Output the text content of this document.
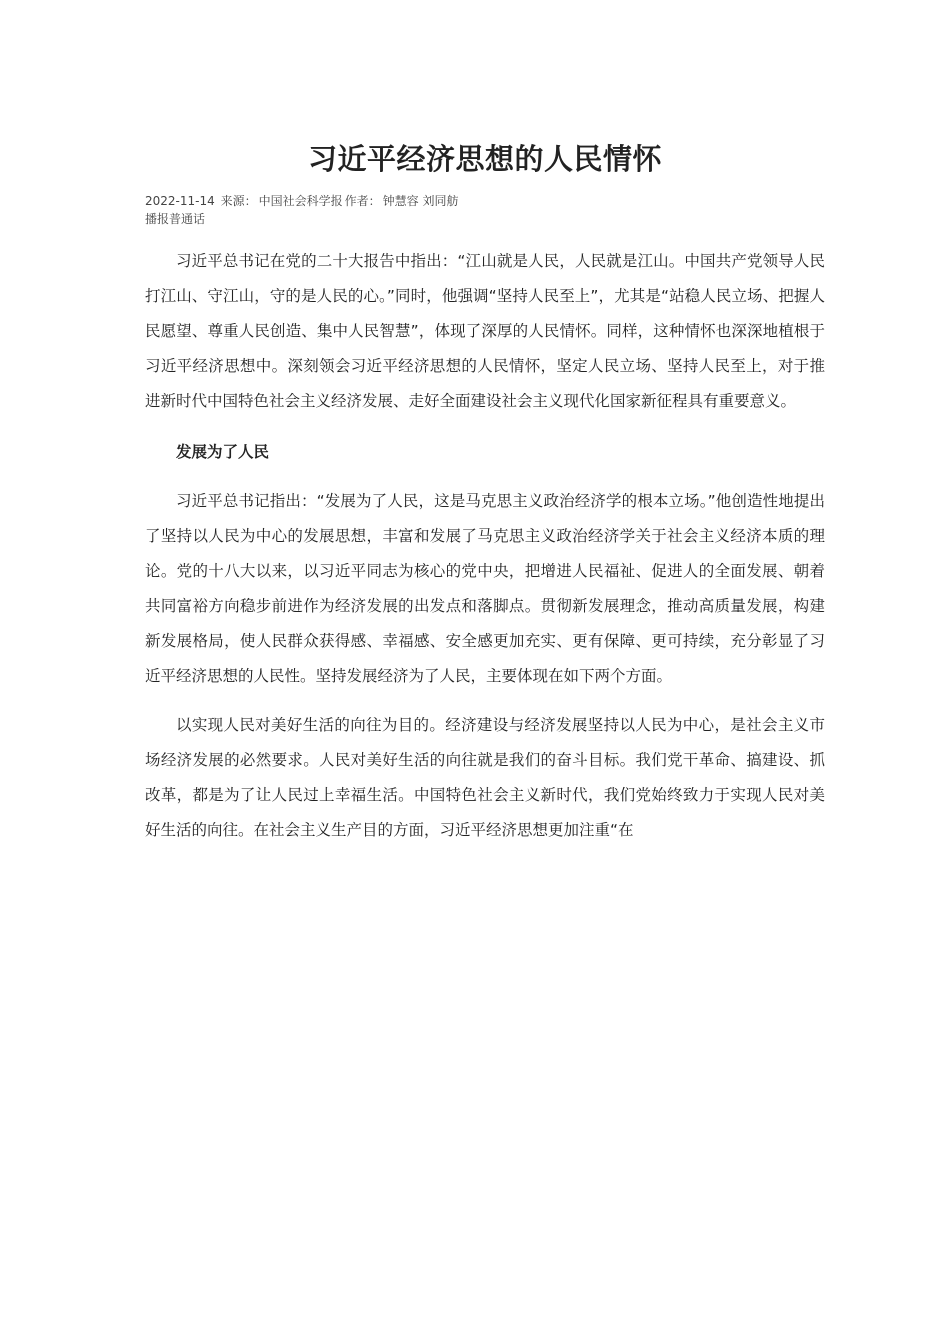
习近平经济思想的人民情怀
2022-11-14 来源： 中国社会科学报 作者： 钟慧容 刘同舫
播报普通话

习近平总书记在党的二十大报告中指出：“江山就是人民，人民就是江山。中国共产党领导人民打江山、守江山，守的是人民的心。”同时，他强调“坚持人民至上”，尤其是“站稳人民立场、把握人民愿望、尊重人民创造、集中人民智慧”，体现了深厚的人民情怀。同样，这种情怀也深深地植根于习近平经济思想中。深刻领会习近平经济思想的人民情怀，坚定人民立场、坚持人民至上，对于推进新时代中国特色社会主义经济发展、走好全面建设社会主义现代化国家新征程具有重要意义。

发展为了人民

习近平总书记指出：“发展为了人民，这是马克思主义政治经济学的根本立场。”他创造性地提出了坚持以人民为中心的发展思想，丰富和发展了马克思主义政治经济学关于社会主义经济本质的理论。党的十八大以来，以习近平同志为核心的党中央，把增进人民福祉、促进人的全面发展、朝着共同富裕方向稳步前进作为经济发展的出发点和落脚点。贯彻新发展理念，推动高质量发展，构建新发展格局，使人民群众获得感、幸福感、安全感更加充实、更有保障、更可持续，充分彰显了习近平经济思想的人民性。坚持发展经济为了人民，主要体现在如下两个方面。

以实现人民对美好生活的向往为目的。经济建设与经济发展坚持以人民为中心，是社会主义市场经济发展的必然要求。人民对美好生活的向往就是我们的奋斗目标。我们党干革命、搞建设、抓改革，都是为了让人民过上幸福生活。中国特色社会主义新时代，我们党始终致力于实现人民对美好生活的向往。在社会主义生产目的方面，习近平经济思想更加注重“在
